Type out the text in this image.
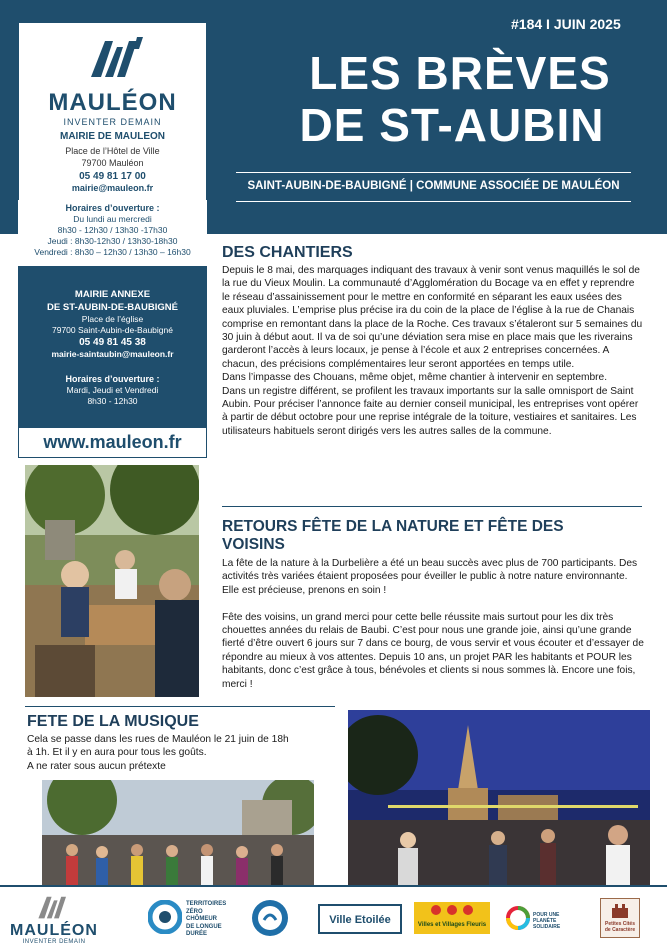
MAULÉON
INVENTER DEMAIN
MAIRIE DE MAULEON
Place de l’Hôtel de Ville
79700 Mauléon
05 49 81 17 00
mairie@mauleon.fr
Horaires d’ouverture :
Du lundi au mercredi
8h30 - 12h30 / 13h30 -17h30
Jeudi : 8h30-12h30 / 13h30-18h30
Vendredi : 8h30 – 12h30 / 13h30 – 16h30
MAIRIE ANNEXE
DE ST-AUBIN-DE-BAUBIGNÉ
Place de l’église
79700 Saint-Aubin-de-Baubigné
05 49 81 45 38
mairie-saintaubin@mauleon.fr
Horaires d’ouverture :
Mardi, Jeudi et Vendredi
8h30 - 12h30
www.mauleon.fr
#184 I JUIN 2025
LES BRÈVES
DE ST-AUBIN
SAINT-AUBIN-DE-BAUBIGNÉ | COMMUNE ASSOCIÉE DE MAULÉON
DES CHANTIERS

Depuis le 8 mai, des marquages indiquant des travaux à venir sont venus maquillés le sol de la rue du Vieux Moulin. La communauté d’Agglomération du Bocage va en effet y reprendre le réseau d’assainissement pour le mettre en conformité en séparant les eaux usées des eaux pluviales. L’emprise plus précise ira du coin de la place de l’église à la rue de Chanais comprise en remontant dans la place de la Roche. Ces travaux s’étaleront sur 5 semaines du 30 juin à début aout. Il va de soi qu’une déviation sera mise en place mais que les riverains garderont l’accès à leurs locaux, je pense à l’école et aux 2 entreprises concernées. A chacun, des précisions complémentaires leur seront apportées en temps utile.

Dans l’impasse des Chouans, même objet, même chantier à intervenir en septembre.

Dans un registre différent, se profilent les travaux importants sur la salle omnisport de Saint Aubin. Pour préciser l’annonce faite au dernier conseil municipal, les entreprises vont opérer à partir de début octobre pour une reprise intégrale de la toiture, vestiaires et sanitaires. Les utilisateurs habituels seront dirigés vers les autres salles de la commune.

RETOURS FÊTE DE LA NATURE ET FÊTE DES
VOISINS

La fête de la nature à la Durbelière a été un beau succès avec plus de 700 participants. Des activités très variées étaient proposées pour éveiller le public à notre nature environnante. Elle est précieuse, prenons en soin !

Fête des voisins, un grand merci pour cette belle réussite mais surtout pour les dix très chouettes années du relais de Baubi. C’est pour nous une grande joie, ainsi qu’une grande fierté d’être ouvert 6 jours sur 7 dans ce bourg, de vous servir et vous écouter et d’essayer de répondre au mieux à vos attentes. Depuis 10 ans, un projet PAR les habitants et POUR les habitants, donc c’est grâce à tous, bénévoles et clients si nous sommes là. Encore une fois, merci !

FETE DE LA MUSIQUE

Cela se passe dans les rues de Mauléon le 21 juin de 18h

à 1h. Et il y en aura pour tous les goûts.

A ne rater sous aucun prétexte

MAULÉON
INVENTER DEMAIN
TERRITOIRES
ZÉRO CHÔMEUR
DE LONGUE
DURÉE
Ville Etoilée	Villes et Villages Fleuris
POUR UNE PLANÈTE SOLIDAIRE	Petites Cités de Caractère
